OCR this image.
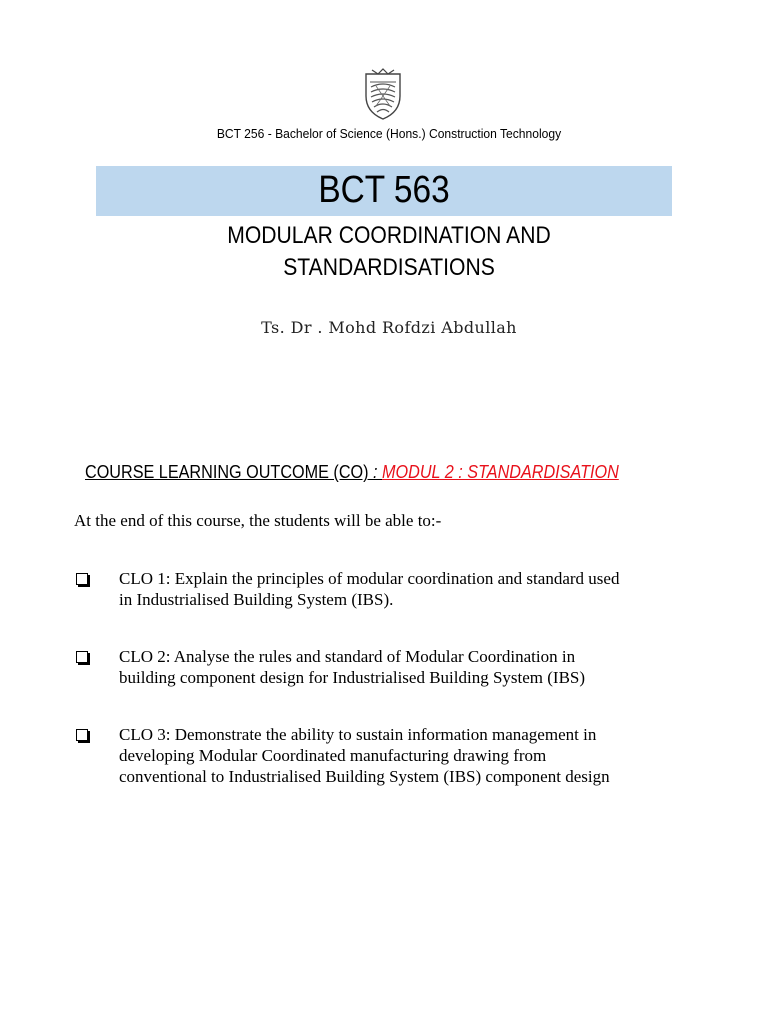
BCT 256 - Bachelor of Science (Hons.) Construction Technology
BCT 563
MODULAR COORDINATION AND
STANDARDISATIONS
Ts. Dr . Mohd Rofdzi Abdullah
COURSE LEARNING OUTCOME (CO) : MODUL 2 : STANDARDISATION
At the end of this course, the students will be able to:-
CLO 1: Explain the principles of modular coordination and standard used
in Industrialised Building System (IBS).
CLO 2: Analyse the rules and standard of Modular Coordination in
building component design for Industrialised Building System (IBS)
CLO 3: Demonstrate the ability to sustain information management in
developing Modular Coordinated manufacturing drawing from
conventional to Industrialised Building System (IBS) component design
